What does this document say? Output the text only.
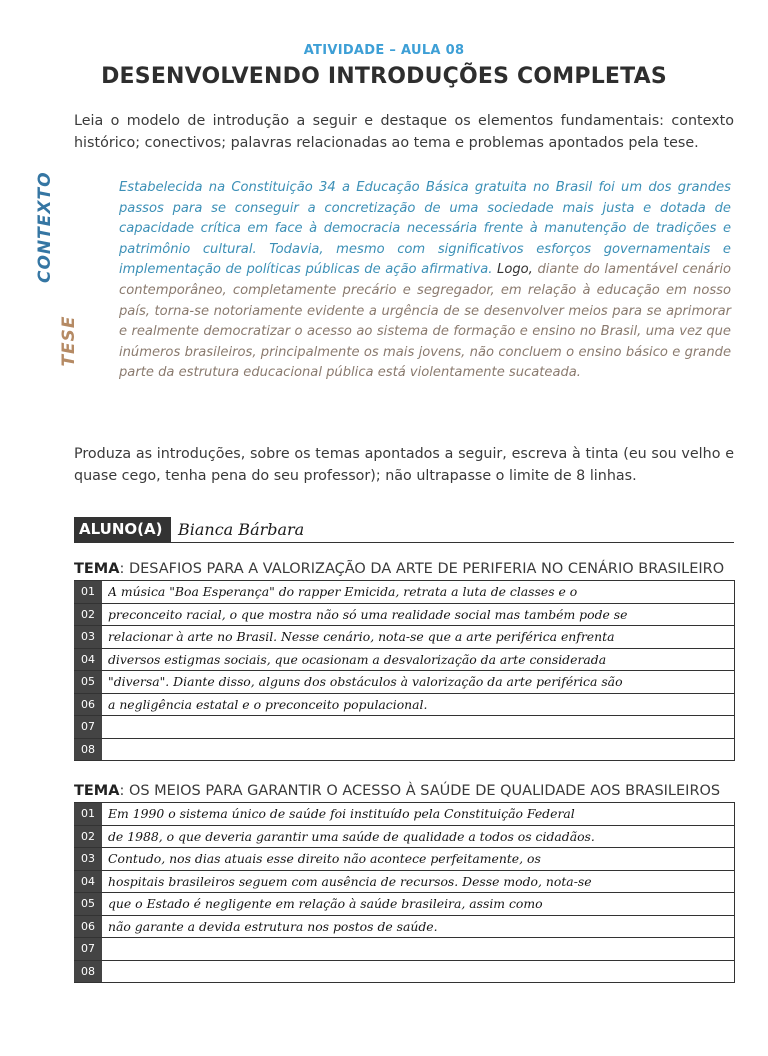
ATIVIDADE – AULA 08
DESENVOLVENDO INTRODUÇÕES COMPLETAS
Leia o modelo de introdução a seguir e destaque os elementos fundamentais: contexto histórico; conectivos; palavras relacionadas ao tema e problemas apontados pela tese.
CONTEXTO
TESE
Estabelecida na Constituição 34 a Educação Básica gratuita no Brasil foi um dos grandes passos para se conseguir a concretização de uma sociedade mais justa e dotada de capacidade crítica em face à democracia necessária frente à manutenção de tradições e patrimônio cultural. Todavia, mesmo com significativos esforços governamentais e implementação de políticas públicas de ação afirmativa. Logo, diante do lamentável cenário contemporâneo, completamente precário e segregador, em relação à educação em nosso país, torna-se notoriamente evidente a urgência de se desenvolver meios para se aprimorar e realmente democratizar o acesso ao sistema de formação e ensino no Brasil, uma vez que inúmeros brasileiros, principalmente os mais jovens, não concluem o ensino básico e grande parte da estrutura educacional pública está violentamente sucateada.
Produza as introduções, sobre os temas apontados a seguir, escreva à tinta (eu sou velho e quase cego, tenha pena do seu professor); não ultrapasse o limite de 8 linhas.
ALUNO(A) Bianca Bárbara
TEMA: DESAFIOS PARA A VALORIZAÇÃO DA ARTE DE PERIFERIA NO CENÁRIO BRASILEIRO
01	A música "Boa Esperança" do rapper Emicida, retrata a luta de classes e o
02	preconceito racial, o que mostra não só uma realidade social mas também pode se
03	relacionar à arte no Brasil. Nesse cenário, nota-se que a arte periférica enfrenta
04	diversos estigmas sociais, que ocasionam a desvalorização da arte considerada
05	"diversa". Diante disso, alguns dos obstáculos à valorização da arte periférica são
06	a negligência estatal e o preconceito populacional.
07
08
TEMA: OS MEIOS PARA GARANTIR O ACESSO À SAÚDE DE QUALIDADE AOS BRASILEIROS
01	Em 1990 o sistema único de saúde foi instituído pela Constituição Federal
02	de 1988, o que deveria garantir uma saúde de qualidade a todos os cidadãos.
03	Contudo, nos dias atuais esse direito não acontece perfeitamente, os
04	hospitais brasileiros seguem com ausência de recursos. Desse modo, nota-se
05	que o Estado é negligente em relação à saúde brasileira, assim como
06	não garante a devida estrutura nos postos de saúde.
07
08
